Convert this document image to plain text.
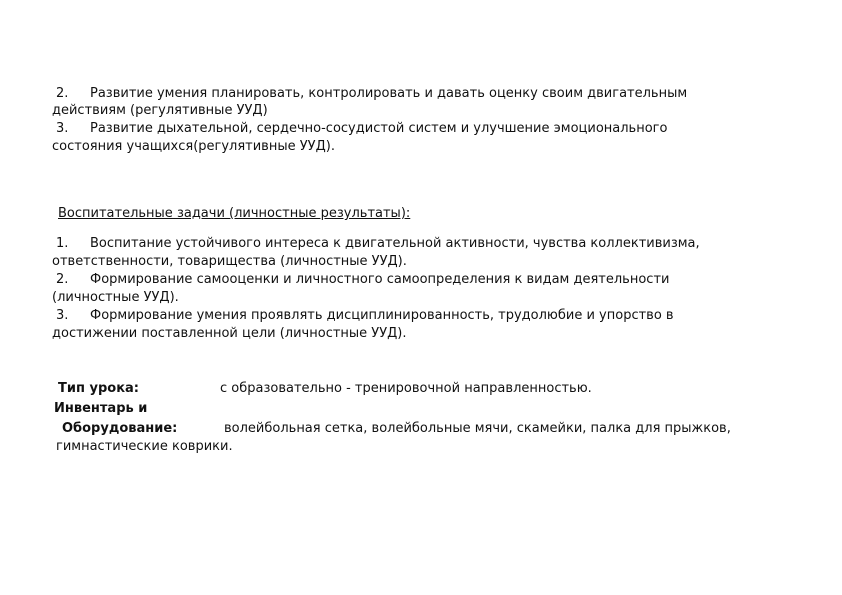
2. Развитие умения планировать, контролировать и давать оценку своим двигательным
действиям (регулятивные УУД)
3. Развитие дыхательной, сердечно-сосудистой систем и улучшение эмоционального
состояния учащихся(регулятивные УУД).
Воспитательные задачи (личностные результаты):
1. Воспитание устойчивого интереса к двигательной активности, чувства коллективизма,
ответственности, товарищества (личностные УУД).
2. Формирование самооценки и личностного самоопределения к видам деятельности
(личностные УУД).
3. Формирование умения проявлять дисциплинированность, трудолюбие и упорство в
достижении поставленной цели (личностные УУД).
Тип урока:	с образовательно - тренировочной направленностью.
Инвентарь и
Оборудование:	волейбольная сетка, волейбольные мячи, скамейки, палка для прыжков,
гимнастические коврики.
